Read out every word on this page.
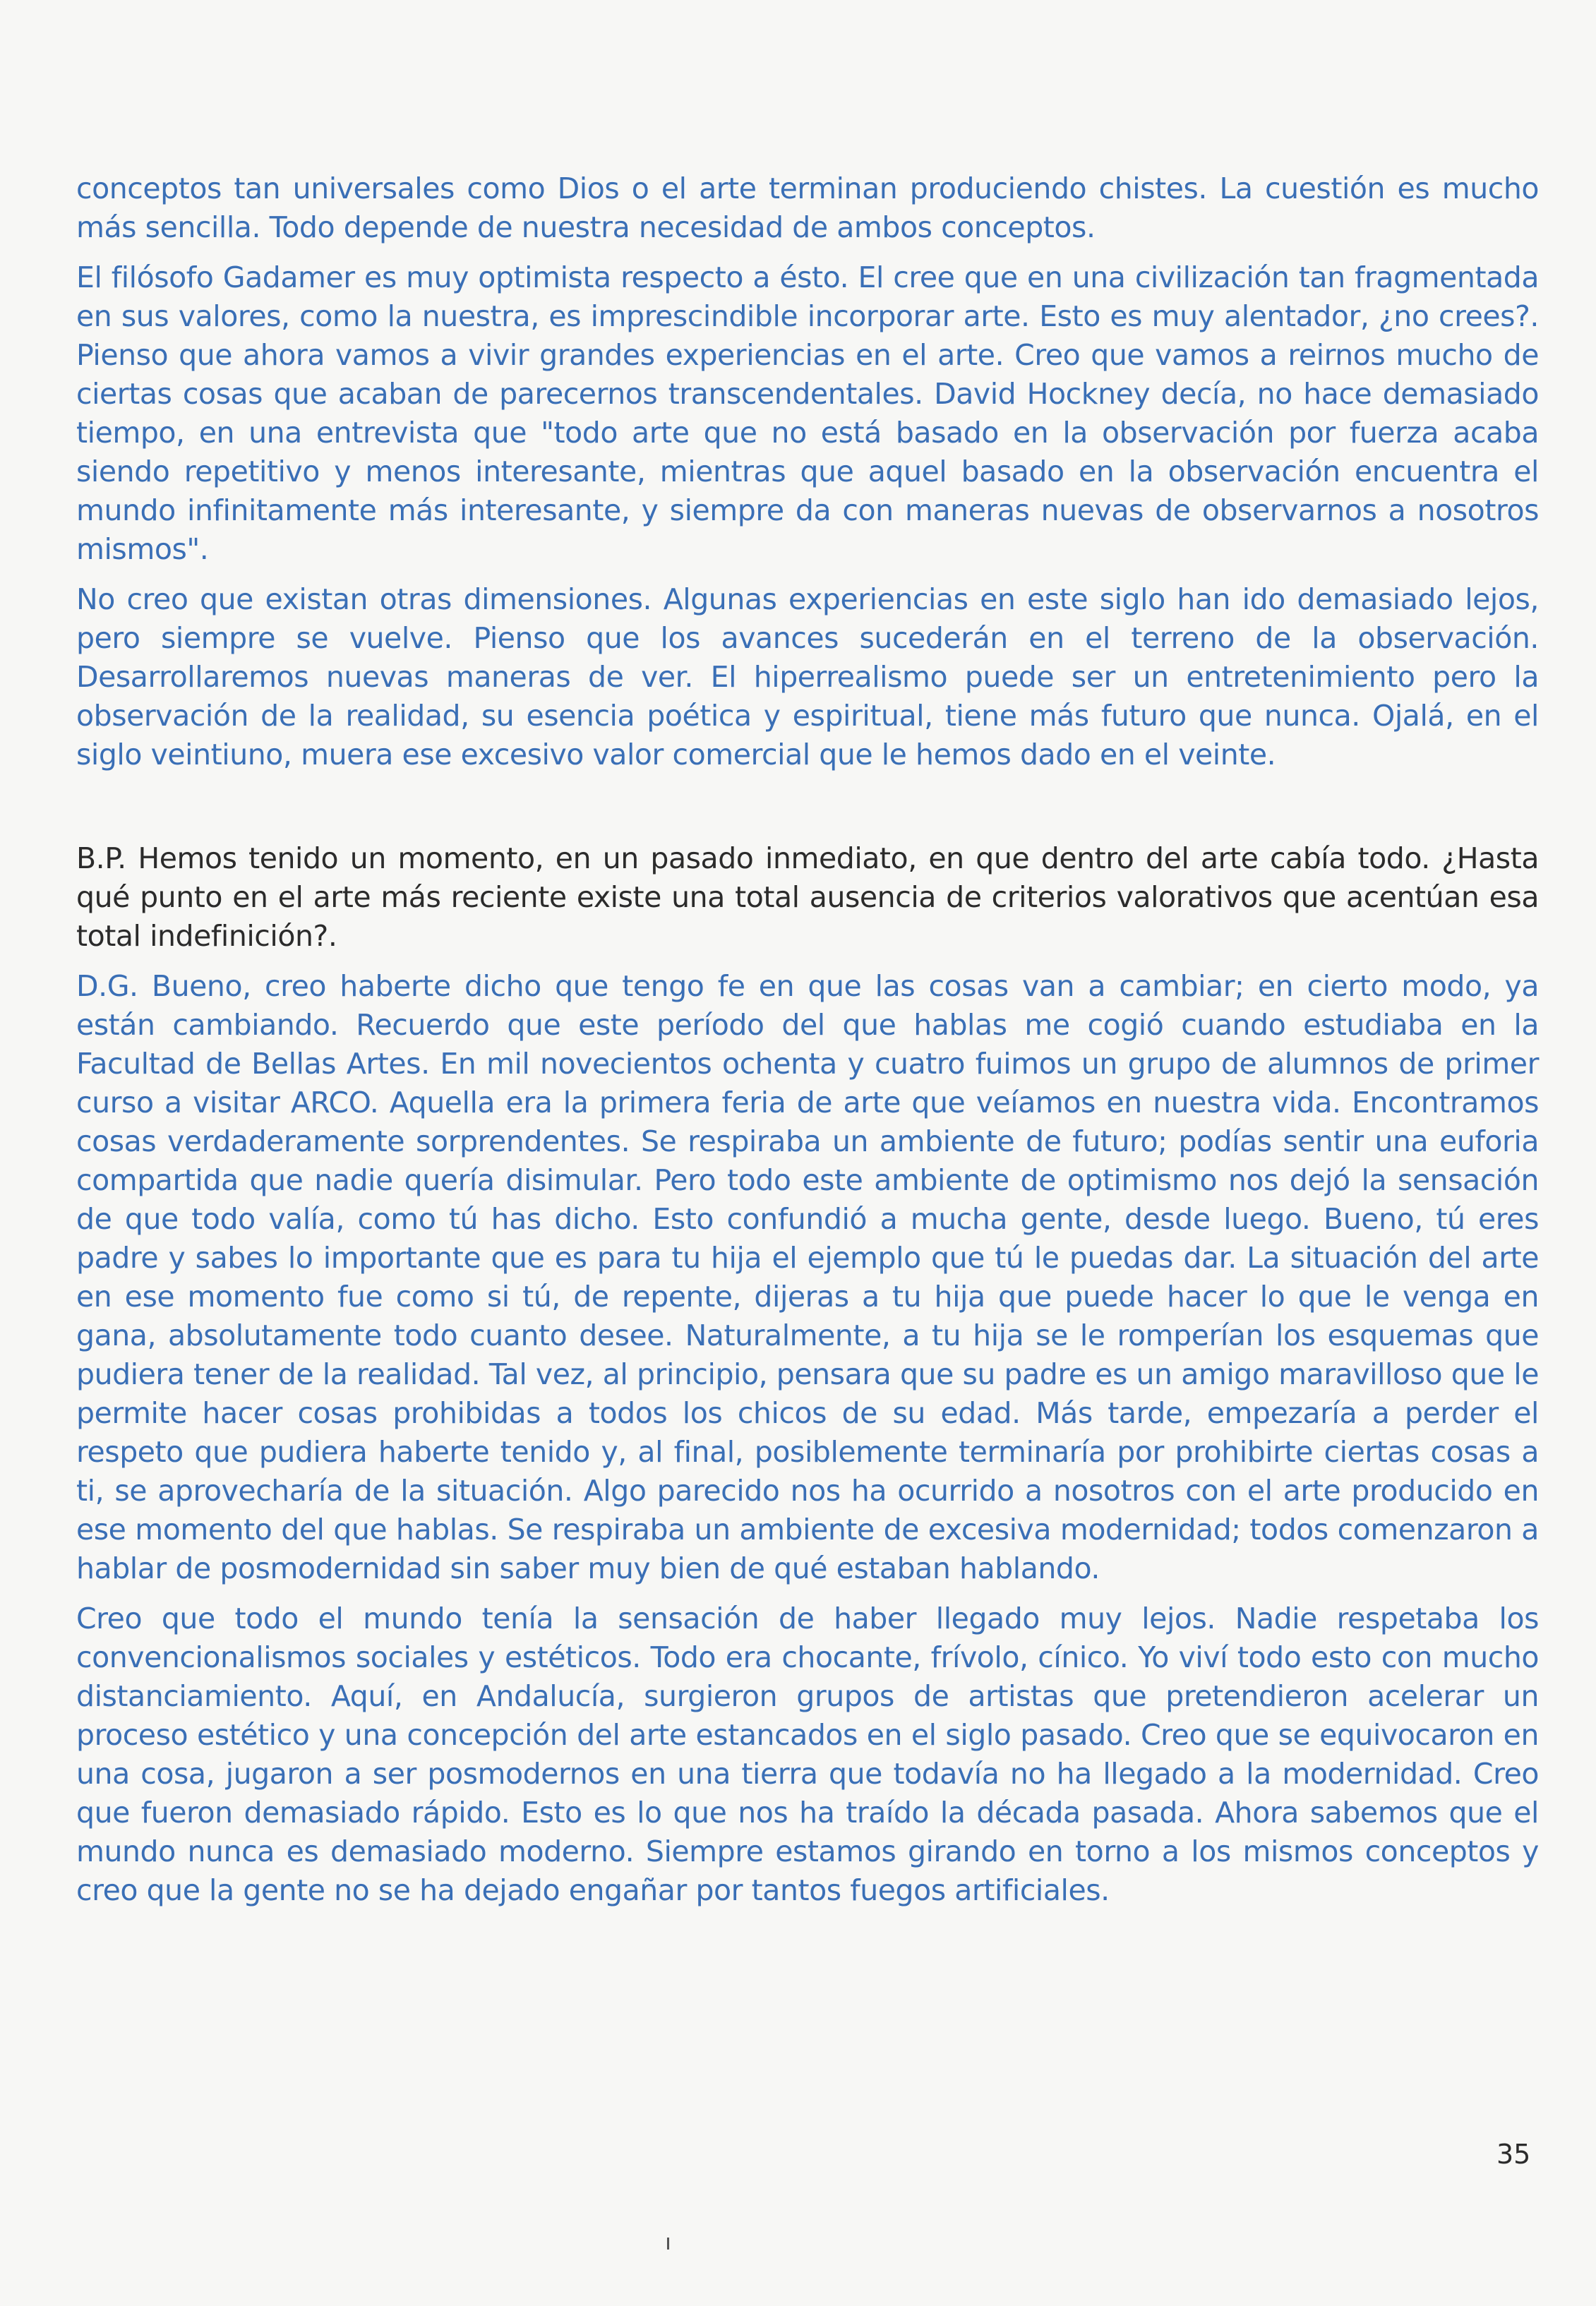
conceptos tan universales como Dios o el arte terminan produciendo chistes. La cuestión es mucho más sencilla. Todo depende de nuestra necesidad de ambos conceptos.

El filósofo Gadamer es muy optimista respecto a ésto. El cree que en una civilización tan fragmentada en sus valores, como la nuestra, es imprescindible incorporar arte. Esto es muy alentador, ¿no crees?. Pienso que ahora vamos a vivir grandes experiencias en el arte. Creo que vamos a reirnos mucho de ciertas cosas que acaban de parecernos transcendentales. David Hockney decía, no hace demasiado tiempo, en una entrevista que "todo arte que no está basado en la observación por fuerza acaba siendo repetitivo y menos interesante, mientras que aquel basado en la observación encuentra el mundo infinitamente más interesante, y siempre da con maneras nuevas de observarnos a nosotros mismos".

No creo que existan otras dimensiones. Algunas experiencias en este siglo han ido demasiado lejos, pero siempre se vuelve. Pienso que los avances sucederán en el terreno de la observación. Desarrollaremos nuevas maneras de ver. El hiperrealismo puede ser un entretenimiento pero la observación de la realidad, su esencia poética y espiritual, tiene más futuro que nunca. Ojalá, en el siglo veintiuno, muera ese excesivo valor comercial que le hemos dado en el veinte.

B.P. Hemos tenido un momento, en un pasado inmediato, en que dentro del arte cabía todo. ¿Hasta qué punto en el arte más reciente existe una total ausencia de criterios valorativos que acentúan esa total indefinición?.

D.G. Bueno, creo haberte dicho que tengo fe en que las cosas van a cambiar; en cierto modo, ya están cambiando. Recuerdo que este período del que hablas me cogió cuando estudiaba en la Facultad de Bellas Artes. En mil novecientos ochenta y cuatro fuimos un grupo de alumnos de primer curso a visitar ARCO. Aquella era la primera feria de arte que veíamos en nuestra vida. Encontramos cosas verdaderamente sorprendentes. Se respiraba un ambiente de futuro; podías sentir una euforia compartida que nadie quería disimular. Pero todo este ambiente de optimismo nos dejó la sensación de que todo valía, como tú has dicho. Esto confundió a mucha gente, desde luego. Bueno, tú eres padre y sabes lo importante que es para tu hija el ejemplo que tú le puedas dar. La situación del arte en ese momento fue como si tú, de repente, dijeras a tu hija que puede hacer lo que le venga en gana, absolutamente todo cuanto desee. Naturalmente, a tu hija se le romperían los esquemas que pudiera tener de la realidad. Tal vez, al principio, pensara que su padre es un amigo maravilloso que le permite hacer cosas prohibidas a todos los chicos de su edad. Más tarde, empezaría a perder el respeto que pudiera haberte tenido y, al final, posiblemente terminaría por prohibirte ciertas cosas a ti, se aprovecharía de la situación. Algo parecido nos ha ocurrido a nosotros con el arte producido en ese momento del que hablas. Se respiraba un ambiente de excesiva modernidad; todos comenzaron a hablar de posmodernidad sin saber muy bien de qué estaban hablando.

Creo que todo el mundo tenía la sensación de haber llegado muy lejos. Nadie respetaba los convencionalismos sociales y estéticos. Todo era chocante, frívolo, cínico. Yo viví todo esto con mucho distanciamiento. Aquí, en Andalucía, surgieron grupos de artistas que pretendieron acelerar un proceso estético y una concepción del arte estancados en el siglo pasado. Creo que se equivocaron en una cosa, jugaron a ser posmodernos en una tierra que todavía no ha llegado a la modernidad. Creo que fueron demasiado rápido. Esto es lo que nos ha traído la década pasada. Ahora sabemos que el mundo nunca es demasiado moderno. Siempre estamos girando en torno a los mismos conceptos y creo que la gente no se ha dejado engañar por tantos fuegos artificiales.

35
